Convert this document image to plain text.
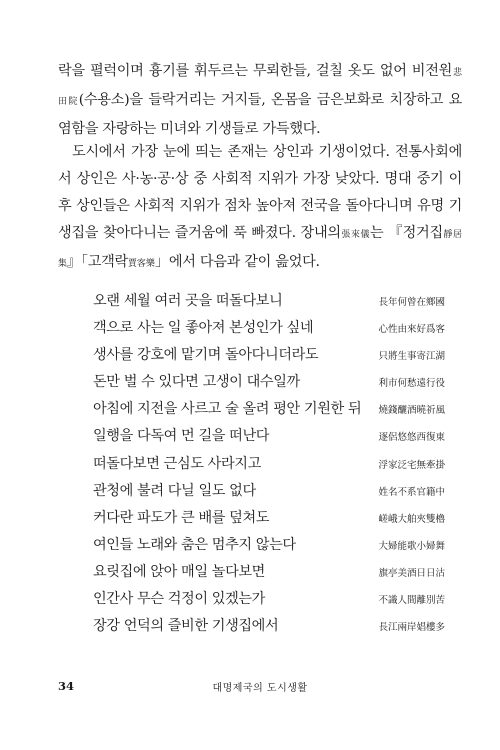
락을 펼럭이며 흉기를 휘두르는 무뢰한들, 걸칠 옷도 없어 비전원悲田院(수용소)을 들락거리는 거지들, 온몸을 금은보화로 치장하고 요염함을 자랑하는 미녀와 기생들로 가득했다.

도시에서 가장 눈에 띄는 존재는 상인과 기생이었다. 전통사회에서 상인은 사·농·공·상 중 사회적 지위가 가장 낮았다. 명대 중기 이후 상인들은 사회적 지위가 점차 높아져 전국을 돌아다니며 유명 기생집을 찾아다니는 즐거움에 푹 빠졌다. 장내의張來儀는 『정거집靜居集』「고객락賈客樂」에서 다음과 같이 읊었다.

오랜 세월 여러 곳을 떠돌다보니	長年何曾在鄉國
객으로 사는 일 좋아져 본성인가 싶네	心性由來好爲客
생사를 강호에 맡기며 돌아다니더라도	只將生事寄江湖
돈만 벌 수 있다면 고생이 대수일까	利市何愁遠行役
아침에 지전을 사르고 술 올려 평안 기원한 뒤 燒錢釃酒曉祈風
일행을 다독여 먼 길을 떠난다	逐侶悠悠西復東
떠돌다보면 근심도 사라지고	浮家泛宅無牽掛
관청에 불려 다닐 일도 없다	姓名不系官籍中
커다란 파도가 큰 배를 덮쳐도	嵯峨大舶夾雙櫓
여인들 노래와 춤은 멈추지 않는다	大婦能歌小婦舞
요릿집에 앉아 매일 놀다보면	旗亭美酒日日沽
인간사 무슨 걱정이 있겠는가	不識人間離別苦
장강 언덕의 즐비한 기생집에서	長江兩岸娼樓多
34	대명제국의 도시생활
